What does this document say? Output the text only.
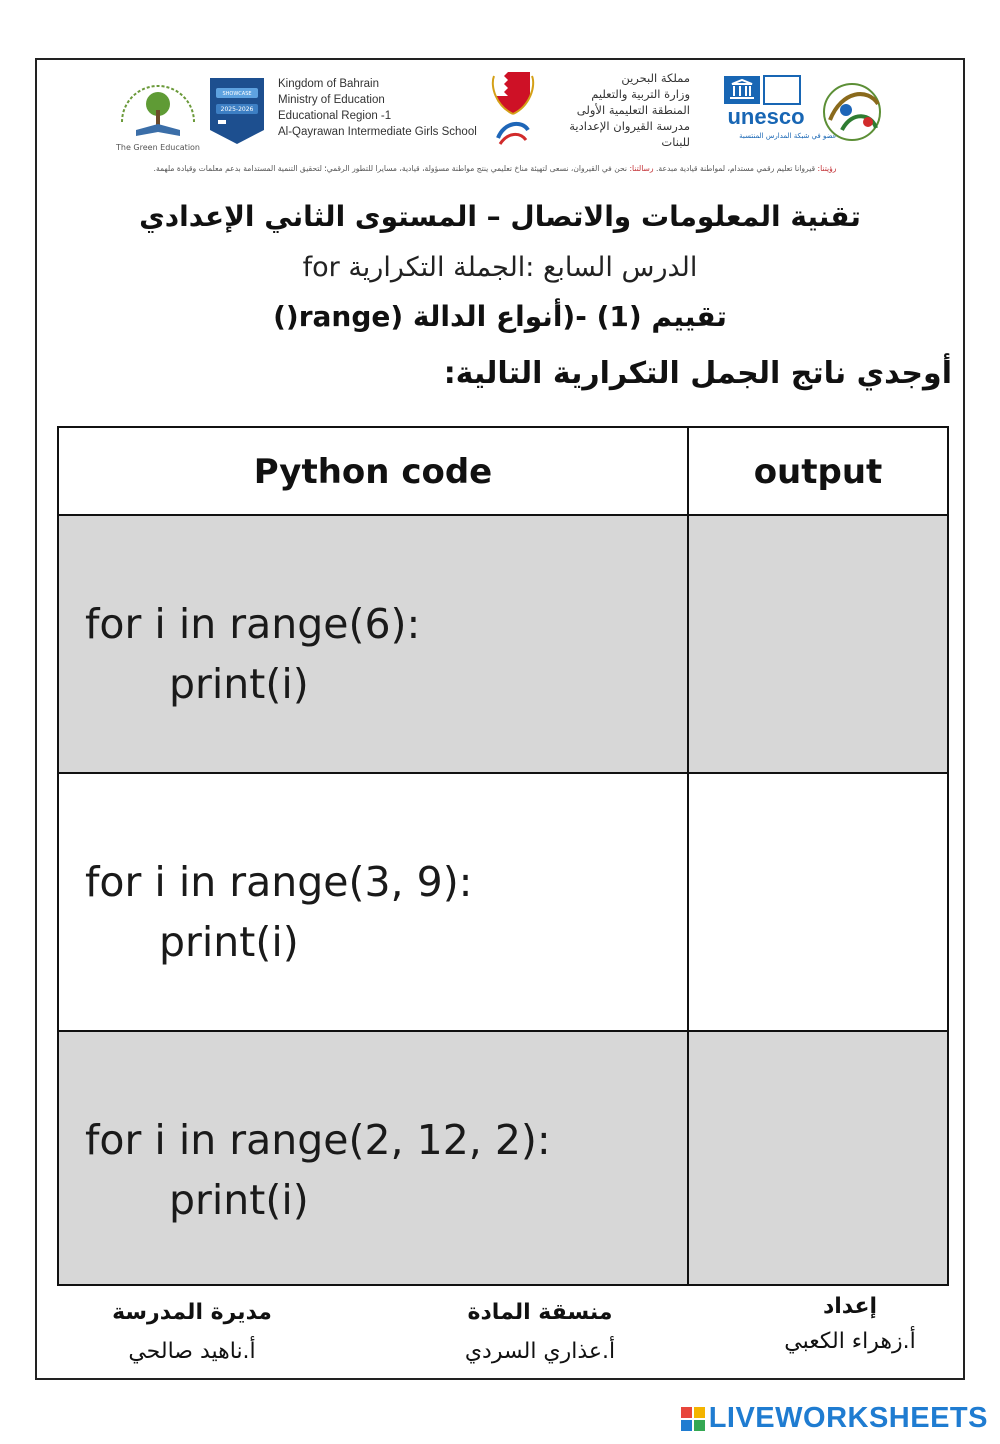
The Green Education
SHOWCASE
2025-2026
Kingdom of Bahrain
Ministry of Education
Educational Region -1
Al-Qayrawan Intermediate Girls School
مملكة البحرين
وزارة التربية والتعليم
المنطقة التعليمية الأولى
مدرسة القيروان الإعدادية للبنات
unesco
عضو في شبكة المدارس المنتسبة
رؤيتنا: قيروانا تعليم رقمي مستدام، لمواطنة قيادية مبدعة. رسالتنا: نحن في القيروان، نسعى لتهيئة مناخ تعليمي ينتج مواطنة مسؤولة، قيادية، مسايرا للتطور الرقمي؛ لتحقيق التنمية المستدامة بدعم معلمات وقيادة ملهمة.
تقنية المعلومات والاتصال – المستوى الثاني الإعدادي
الدرس السابع :الجملة التكرارية for
تقييم (1) -(أنواع الدالة (range()
أوجدي ناتج الجمل التكرارية التالية:
Python code	output
for i in range(6):
print(i)
for i in range(3, 9):
print(i)
for i in range(2, 12, 2):
print(i)
إعداد
أ.زهراء الكعبي
منسقة المادة
أ.عذاري السردي
مديرة المدرسة
أ.ناهيد صالحي
LIVEWORKSHEETS
